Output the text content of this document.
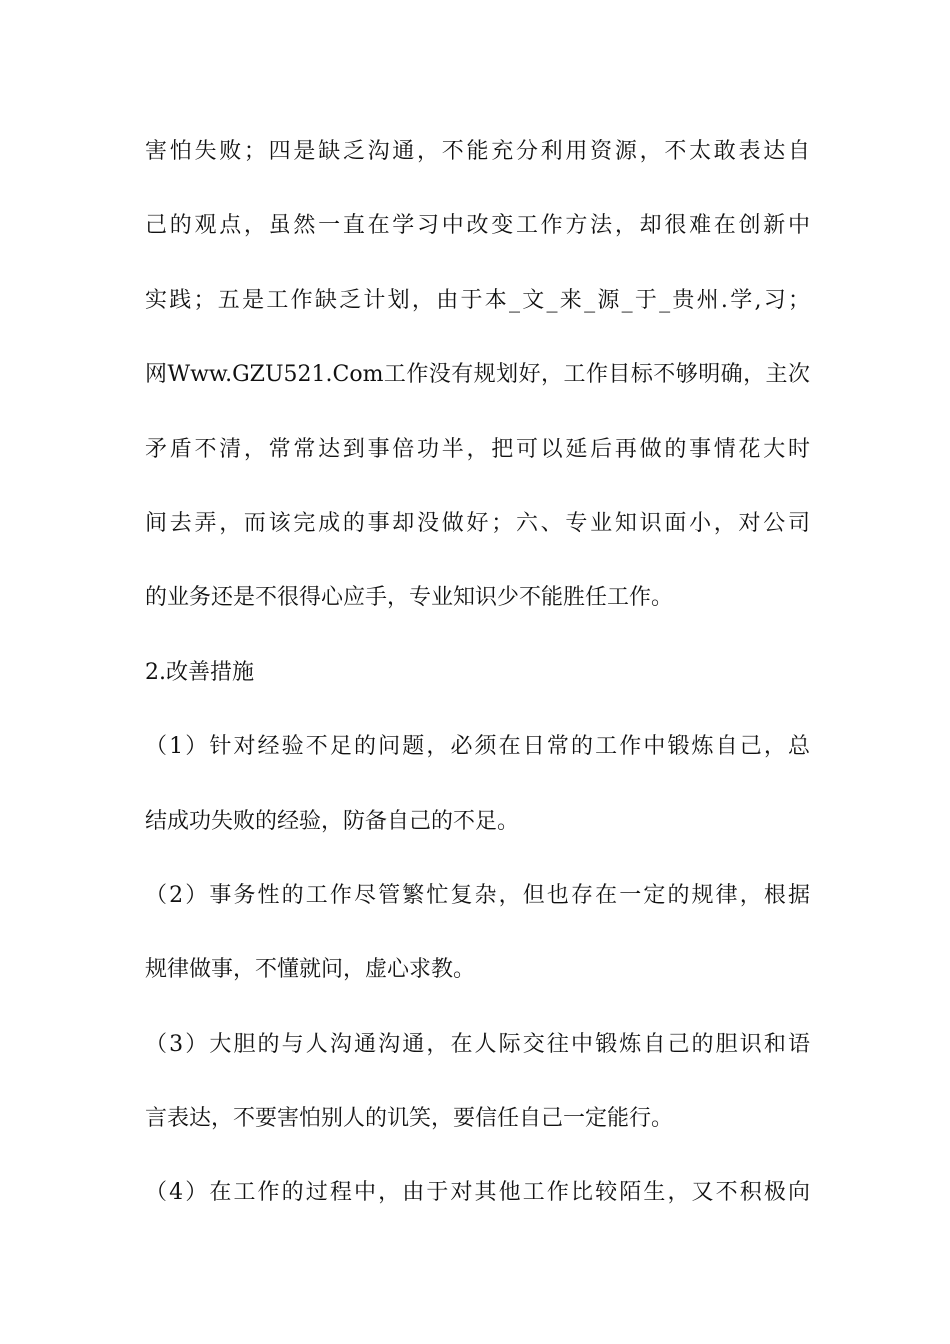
害怕失败；四是缺乏沟通，不能充分利用资源，不太敢表达自
己的观点，虽然一直在学习中改变工作方法，却很难在创新中
实践；五是工作缺乏计划，由于本_文_来_源_于_贵州.学,习；
网Www.GZU521.Com工作没有规划好，工作目标不够明确，主次
矛盾不清，常常达到事倍功半，把可以延后再做的事情花大时
间去弄，而该完成的事却没做好；六、专业知识面小，对公司
的业务还是不很得心应手，专业知识少不能胜任工作。
2.改善措施
（1）针对经验不足的问题，必须在日常的工作中锻炼自己，总
结成功失败的经验，防备自己的不足。
（2）事务性的工作尽管繁忙复杂，但也存在一定的规律，根据
规律做事，不懂就问，虚心求教。
（3）大胆的与人沟通沟通，在人际交往中锻炼自己的胆识和语
言表达，不要害怕别人的讥笑，要信任自己一定能行。
（4）在工作的过程中，由于对其他工作比较陌生，又不积极向
